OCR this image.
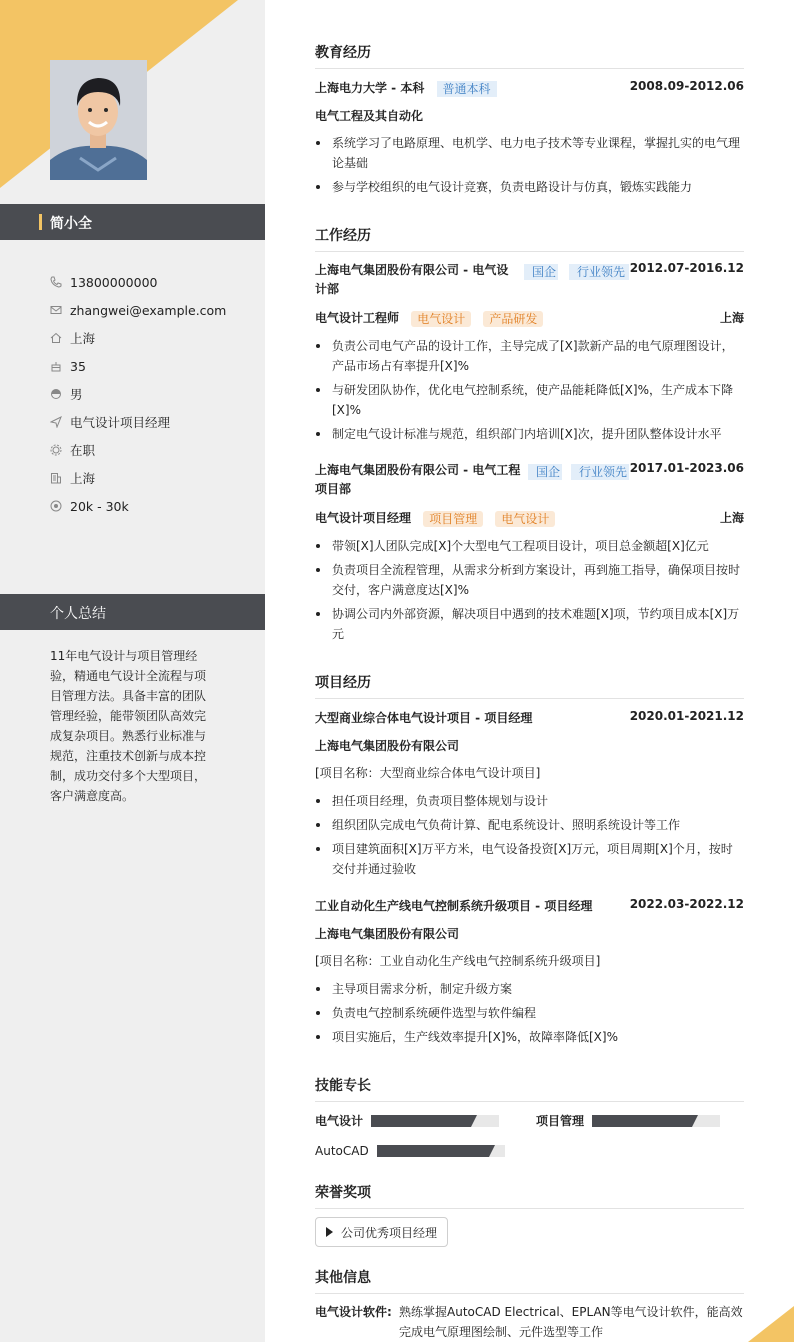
简小全
13800000000
zhangwei@example.com
上海
35
男
电气设计项目经理
在职
上海
20k - 30k
个人总结
11年电气设计与项目管理经验，精通电气设计全流程与项目管理方法。具备丰富的团队管理经验，能带领团队高效完成复杂项目。熟悉行业标准与规范，注重技术创新与成本控制，成功交付多个大型项目，客户满意度高。
教育经历
上海电力大学 - 本科 普通本科	2008.09-2012.06
电气工程及其自动化
系统学习了电路原理、电机学、电力电子技术等专业课程，掌握扎实的电气理论基础
参与学校组织的电气设计竞赛，负责电路设计与仿真，锻炼实践能力
工作经历
上海电气集团股份有限公司 - 电气设计部
国企	行业领先 2012.07-2016.12
电气设计工程师 电气设计 产品研发	上海
负责公司电气产品的设计工作，主导完成了[X]款新产品的电气原理图设计，产品市场占有率提升[X]%
与研发团队协作，优化电气控制系统，使产品能耗降低[X]%，生产成本下降[X]%
制定电气设计标准与规范，组织部门内培训[X]次，提升团队整体设计水平
上海电气集团股份有限公司 - 电气工程项目部
国企	行业领先 2017.01-2023.06
电气设计项目经理 项目管理 电气设计	上海
带领[X]人团队完成[X]个大型电气工程项目设计，项目总金额超[X]亿元
负责项目全流程管理，从需求分析到方案设计，再到施工指导，确保项目按时交付，客户满意度达[X]%
协调公司内外部资源，解决项目中遇到的技术难题[X]项，节约项目成本[X]万元
项目经历
大型商业综合体电气设计项目 - 项目经理	2020.01-2021.12
上海电气集团股份有限公司
[项目名称：大型商业综合体电气设计项目]
担任项目经理，负责项目整体规划与设计
组织团队完成电气负荷计算、配电系统设计、照明系统设计等工作
项目建筑面积[X]万平方米，电气设备投资[X]万元，项目周期[X]个月，按时交付并通过验收
工业自动化生产线电气控制系统升级项目 - 项目经理	2022.03-2022.12
上海电气集团股份有限公司
[项目名称：工业自动化生产线电气控制系统升级项目]
主导项目需求分析，制定升级方案
负责电气控制系统硬件选型与软件编程
项目实施后，生产线效率提升[X]%，故障率降低[X]%
技能专长
电气设计	项目管理
AutoCAD
荣誉奖项
公司优秀项目经理
其他信息
电气设计软件: 熟练掌握AutoCAD Electrical、EPLAN等电气设计软件，能高效完成电气原理图绘制、元件选型等工作
